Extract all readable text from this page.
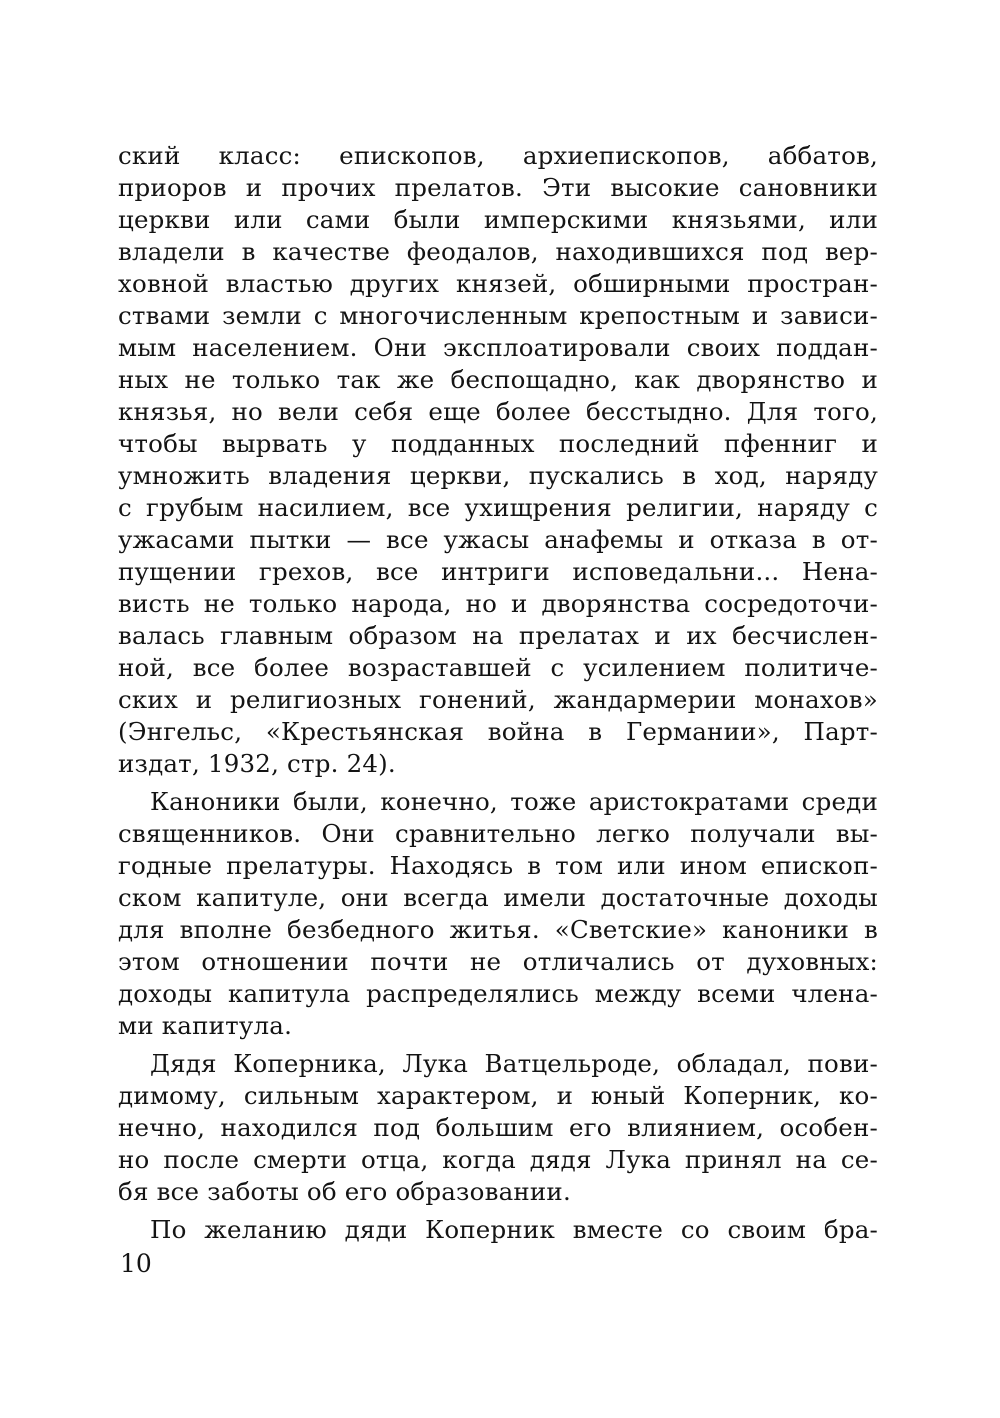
ский класс: епископов, архиепископов, аббатов,
приоров и прочих прелатов. Эти высокие сановники
церкви или сами были имперскими князьями, или
владели в качестве феодалов, находившихся под вер-
ховной властью других князей, обширными простран-
ствами земли с многочисленным крепостным и зависи-
мым населением. Они эксплоатировали своих поддан-
ных не только так же беспощадно, как дворянство и
князья, но вели себя еще более бесстыдно. Для того,
чтобы вырвать у подданных последний пфенниг и
умножить владения церкви, пускались в ход, наряду
с грубым насилием, все ухищрения религии, наряду с
ужасами пытки — все ужасы анафемы и отказа в от-
пущении грехов, все интриги исповедальни... Нена-
висть не только народа, но и дворянства сосредоточи-
валась главным образом на прелатах и их бесчислен-
ной, все более возраставшей с усилением политиче-
ских и религиозных гонений, жандармерии монахов»
(Энгельс, «Крестьянская война в Германии», Парт-
издат, 1932, стр. 24).
Каноники были, конечно, тоже аристократами среди
священников. Они сравнительно легко получали вы-
годные прелатуры. Находясь в том или ином епископ-
ском капитуле, они всегда имели достаточные доходы
для вполне безбедного житья. «Светские» каноники в
этом отношении почти не отличались от духовных:
доходы капитула распределялись между всеми члена-
ми капитула.
Дядя Коперника, Лука Ватцельроде, обладал, пови-
димому, сильным характером, и юный Коперник, ко-
нечно, находился под большим его влиянием, особен-
но после смерти отца, когда дядя Лука принял на се-
бя все заботы об его образовании.
По желанию дяди Коперник вместе со своим бра-
10
